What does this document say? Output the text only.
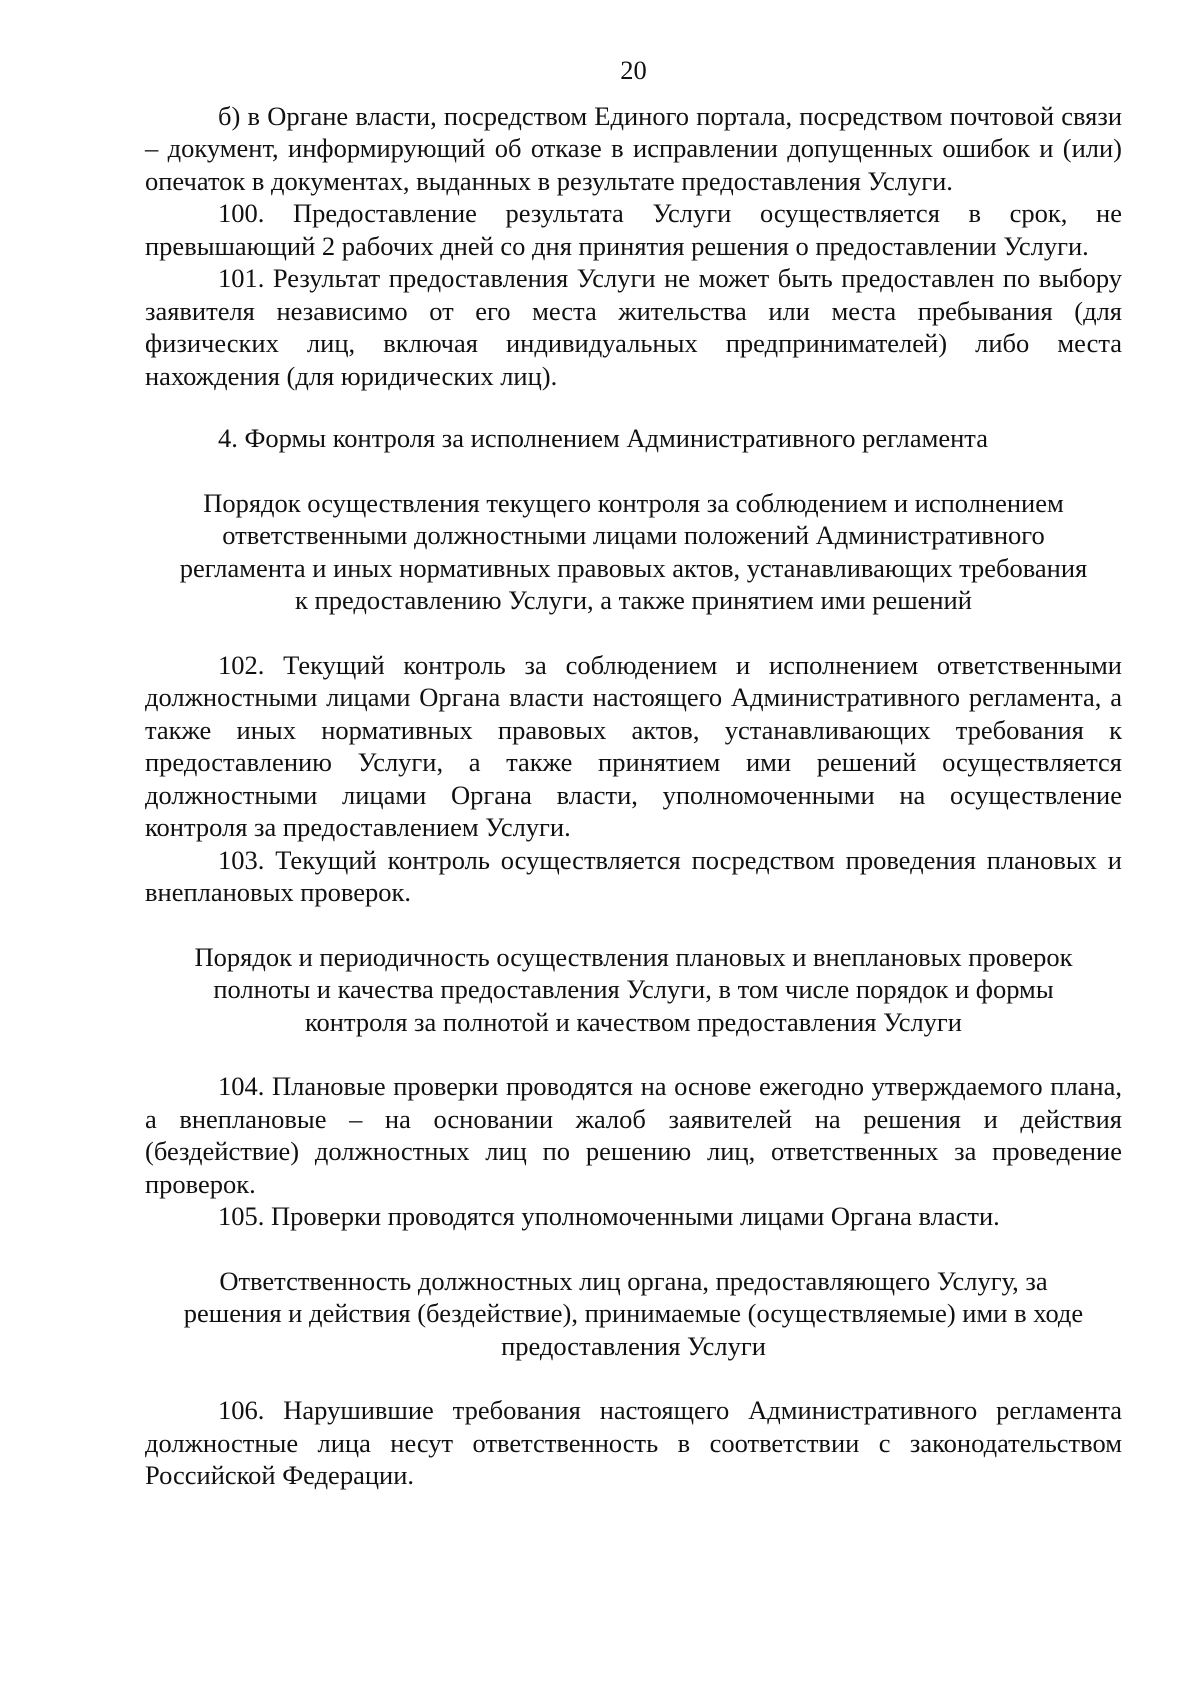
20

б) в Органе власти, посредством Единого портала, посредством почтовой связи – документ, информирующий об отказе в исправлении допущенных ошибок и (или) опечаток в документах, выданных в результате предоставления Услуги.

100. Предоставление результата Услуги осуществляется в срок, не превышающий 2 рабочих дней со дня принятия решения о предоставлении Услуги.

101. Результат предоставления Услуги не может быть предоставлен по выбору заявителя независимо от его места жительства или места пребывания (для физических лиц, включая индивидуальных предпринимателей) либо места нахождения (для юридических лиц).

4. Формы контроля за исполнением Административного регламента

Порядок осуществления текущего контроля за соблюдением и исполнением
ответственными должностными лицами положений Административного
регламента и иных нормативных правовых актов, устанавливающих требования
к предоставлению Услуги, а также принятием ими решений

102. Текущий контроль за соблюдением и исполнением ответственными должностными лицами Органа власти настоящего Административного регламента, а также иных нормативных правовых актов, устанавливающих требования к предоставлению Услуги, а также принятием ими решений осуществляется должностными лицами Органа власти, уполномоченными на осуществление контроля за предоставлением Услуги.

103. Текущий контроль осуществляется посредством проведения плановых и внеплановых проверок.

Порядок и периодичность осуществления плановых и внеплановых проверок
полноты и качества предоставления Услуги, в том числе порядок и формы
контроля за полнотой и качеством предоставления Услуги

104. Плановые проверки проводятся на основе ежегодно утверждаемого плана, а внеплановые – на основании жалоб заявителей на решения и действия (бездействие) должностных лиц по решению лиц, ответственных за проведение проверок.

105. Проверки проводятся уполномоченными лицами Органа власти.

Ответственность должностных лиц органа, предоставляющего Услугу, за
решения и действия (бездействие), принимаемые (осуществляемые) ими в ходе
предоставления Услуги

106. Нарушившие требования настоящего Административного регламента должностные лица несут ответственность в соответствии с законодательством Российской Федерации.
